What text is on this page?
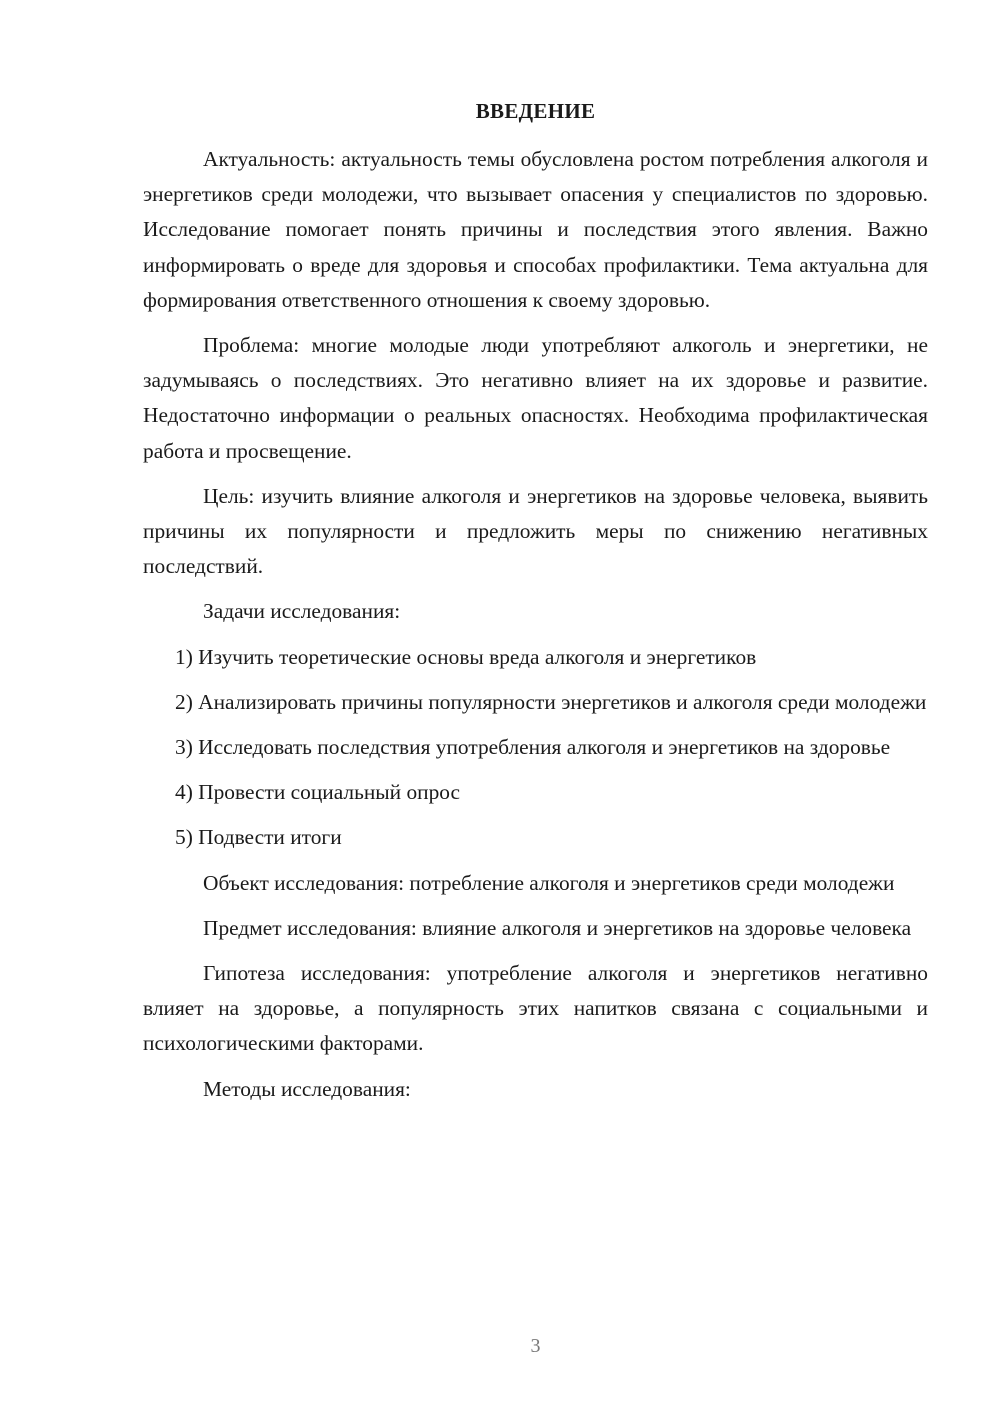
ВВЕДЕНИЕ

Актуальность: актуальность темы обусловлена ростом потребления алкоголя и энергетиков среди молодежи, что вызывает опасения у специалистов по здоровью. Исследование помогает понять причины и последствия этого явления. Важно информировать о вреде для здоровья и способах профилактики. Тема актуальна для формирования ответственного отношения к своему здоровью.

Проблема: многие молодые люди употребляют алкоголь и энергетики, не задумываясь о последствиях. Это негативно влияет на их здоровье и развитие. Недостаточно информации о реальных опасностях. Необходима профилактическая работа и просвещение.

Цель: изучить влияние алкоголя и энергетиков на здоровье человека, выявить причины их популярности и предложить меры по снижению негативных последствий.

Задачи исследования:

1) Изучить теоретические основы вреда алкоголя и энергетиков

2) Анализировать причины популярности энергетиков и алкоголя среди молодежи

3) Исследовать последствия употребления алкоголя и энергетиков на здоровье

4) Провести социальный опрос

5) Подвести итоги

Объект исследования: потребление алкоголя и энергетиков среди молодежи

Предмет исследования: влияние алкоголя и энергетиков на здоровье человека

Гипотеза исследования: употребление алкоголя и энергетиков негативно влияет на здоровье, а популярность этих напитков связана с социальными и психологическими факторами.

Методы исследования:

3
